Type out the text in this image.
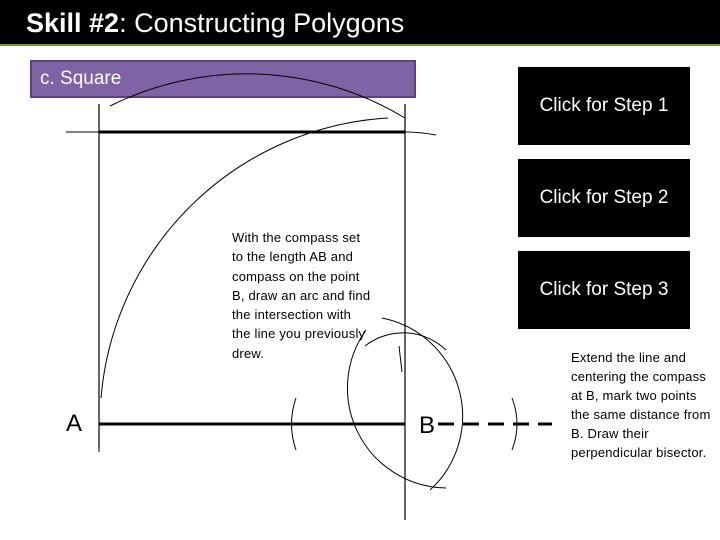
Skill #2: Constructing Polygons
c. Square
Click for Step 1
Click for Step 2
Click for Step 3
With the compass set to the length AB and compass on the point B, draw an arc and find the intersection with the line you previously drew.	Extend the line and centering the compass at B, mark two points the same distance from B. Draw their perpendicular bisector.
A	B
